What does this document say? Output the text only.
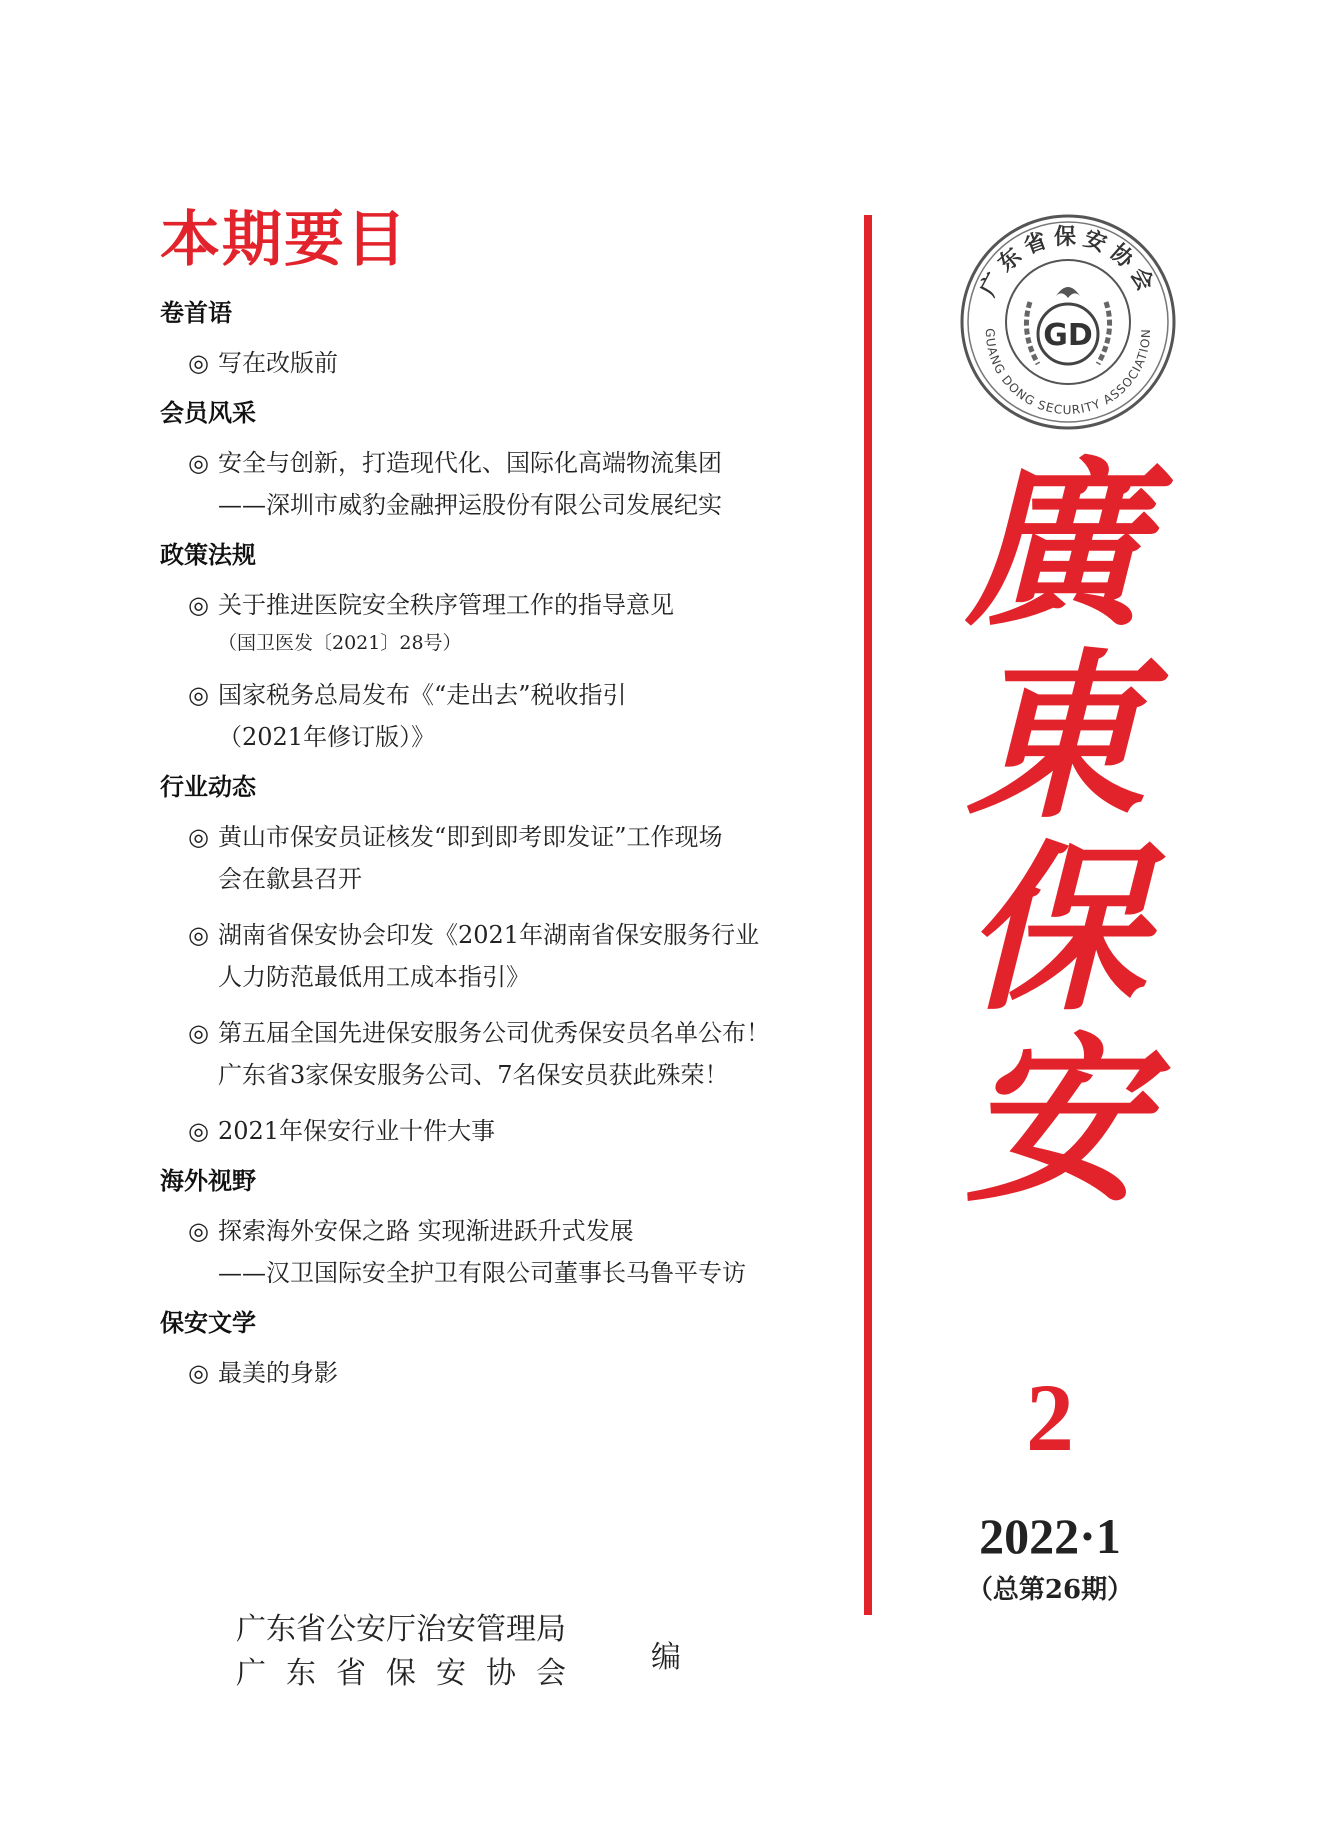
本期要目
卷首语
◎ 写在改版前
会员风采
◎ 安全与创新，打造现代化、国际化高端物流集团
——深圳市威豹金融押运股份有限公司发展纪实
政策法规
◎ 关于推进医院安全秩序管理工作的指导意见
（国卫医发〔2021〕28号）
◎ 国家税务总局发布《“走出去”税收指引
（2021年修订版）》
行业动态
◎ 黄山市保安员证核发“即到即考即发证”工作现场
会在歙县召开
◎ 湖南省保安协会印发《2021年湖南省保安服务行业
人力防范最低用工成本指引》
◎ 第五届全国先进保安服务公司优秀保安员名单公布！
广东省3家保安服务公司、7名保安员获此殊荣！
◎ 2021年保安行业十件大事
海外视野
◎ 探索海外安保之路 实现渐进跃升式发展
——汉卫国际安全护卫有限公司董事长马鲁平专访
保安文学
◎ 最美的身影
广东省保安协会
GUANG DONG SECURITY ASSOCIATION
GD
廣
東
保
安
2
2022·1
（总第26期）
广东省公安厅治安管理局
广东省保安协会 编
